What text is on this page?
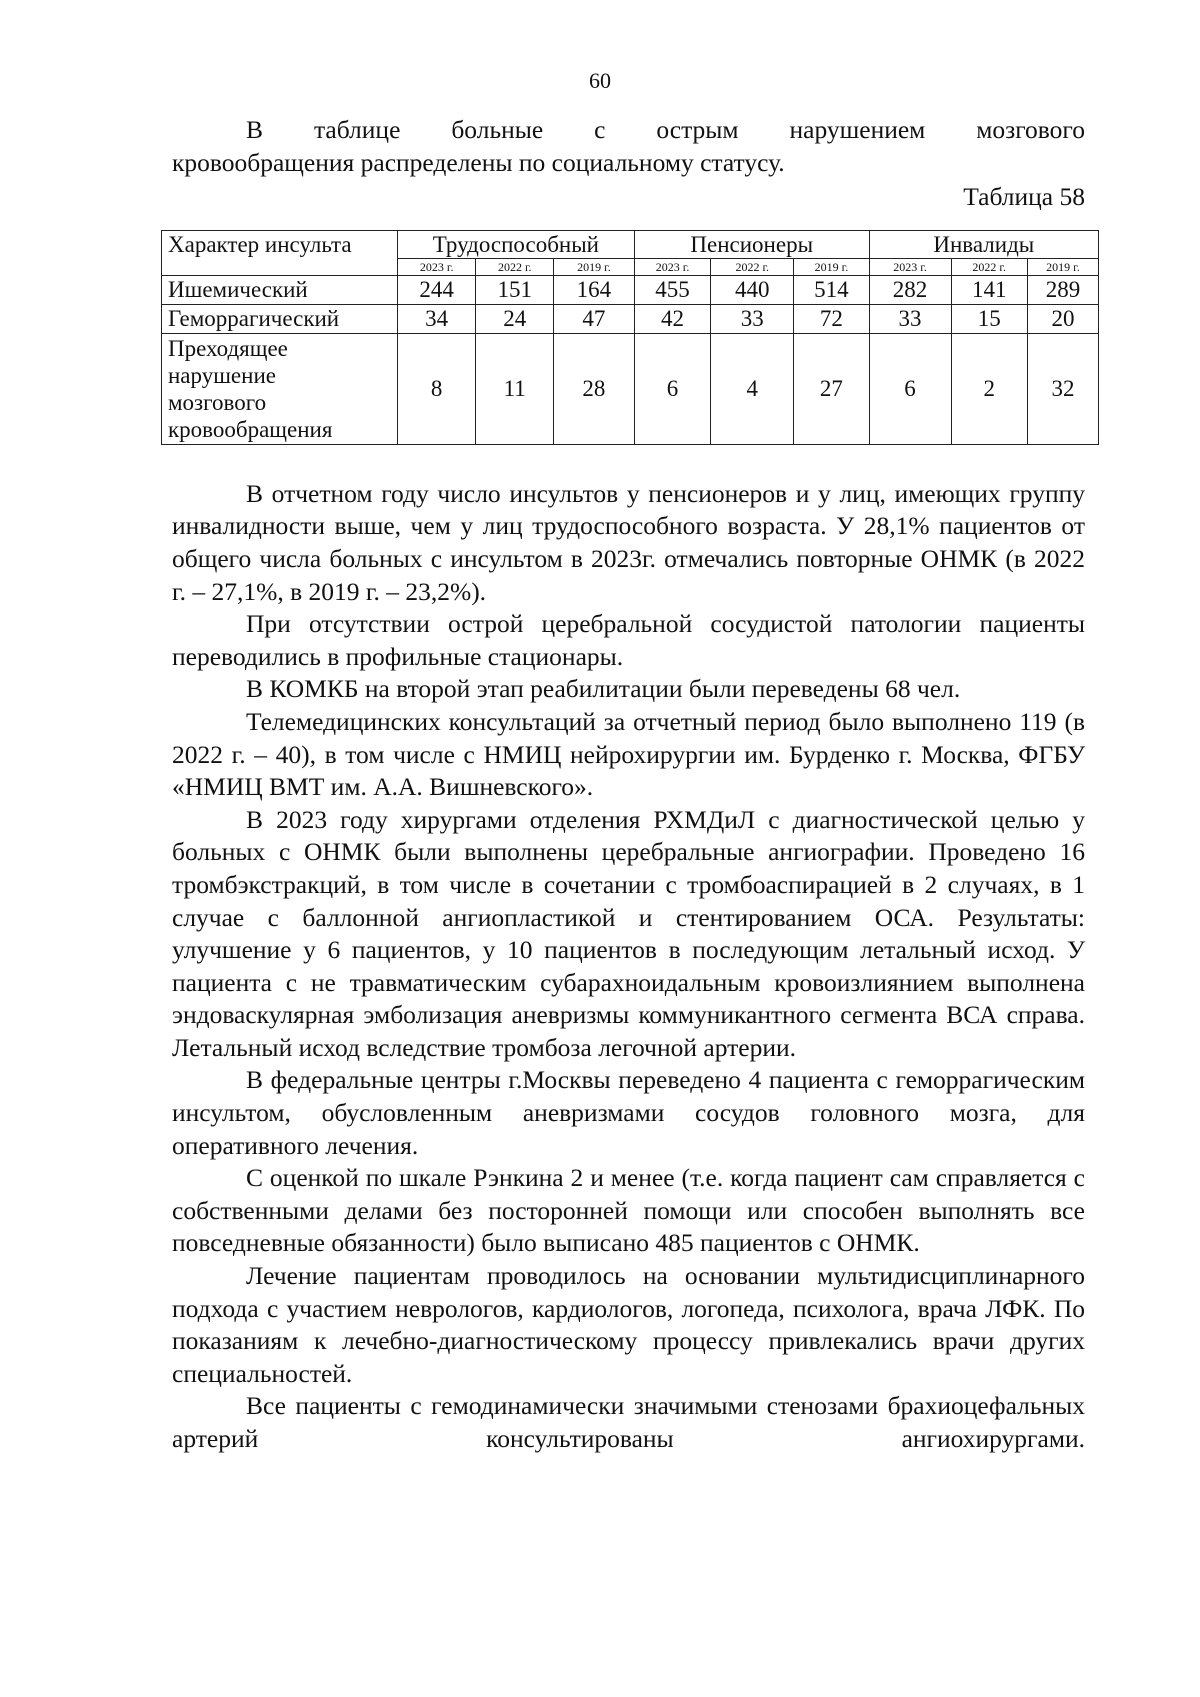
60

В таблице больные с острым нарушением мозгового

кровообращения распределены по социальному статусу.

Таблица 58

Характер инсульта	Трудоспособный			Пенсионеры			Инвалиды		
	2023 г.	2022 г.	2019 г.	2023 г.	2022 г.	2019 г.	2023 г.	2022 г.	2019 г.
Ишемический	244	151	164	455	440	514	282	141	289
Геморрагический	34	24	47	42	33	72	33	15	20

Преходящее
нарушение
мозгового
кровообращения	8	11	28	6	4	27	6	2	32

В отчетном году число инсультов у пенсионеров и у лиц, имеющих группу инвалидности выше, чем у лиц трудоспособного возраста. У 28,1% пациентов от общего числа больных с инсультом в 2023г. отмечались повторные ОНМК (в 2022 г. – 27,1%, в 2019 г. – 23,2%).

При отсутствии острой церебральной сосудистой патологии пациенты переводились в профильные стационары.

В КОМКБ на второй этап реабилитации были переведены 68 чел.

Телемедицинских консультаций за отчетный период было выполнено 119 (в 2022 г. – 40), в том числе с НМИЦ нейрохирургии им. Бурденко г. Москва, ФГБУ «НМИЦ ВМТ им. А.А. Вишневского».

В 2023 году хирургами отделения РХМДиЛ с диагностической целью у больных с ОНМК были выполнены церебральные ангиографии. Проведено 16 тромбэкстракций, в том числе в сочетании с тромбоаспирацией в 2 случаях, в 1 случае с баллонной ангиопластикой и стентированием ОСА. Результаты: улучшение у 6 пациентов, у 10 пациентов в последующим летальный исход. У пациента с не травматическим субарахноидальным кровоизлиянием выполнена эндоваскулярная эмболизация аневризмы коммуникантного сегмента ВСА справа. Летальный исход вследствие тромбоза легочной артерии.

В федеральные центры г.Москвы переведено 4 пациента с геморрагическим инсультом, обусловленным аневризмами сосудов головного мозга, для оперативного лечения.

С оценкой по шкале Рэнкина 2 и менее (т.е. когда пациент сам справляется с собственными делами без посторонней помощи или способен выполнять все повседневные обязанности) было выписано 485 пациентов с ОНМК.

Лечение пациентам проводилось на основании мультидисциплинарного подхода с участием неврологов, кардиологов, логопеда, психолога, врача ЛФК. По показаниям к лечебно-диагностическому процессу привлекались врачи других специальностей.

Все пациенты с гемодинамически значимыми стенозами брахиоцефальных артерий консультированы ангиохирургами.
